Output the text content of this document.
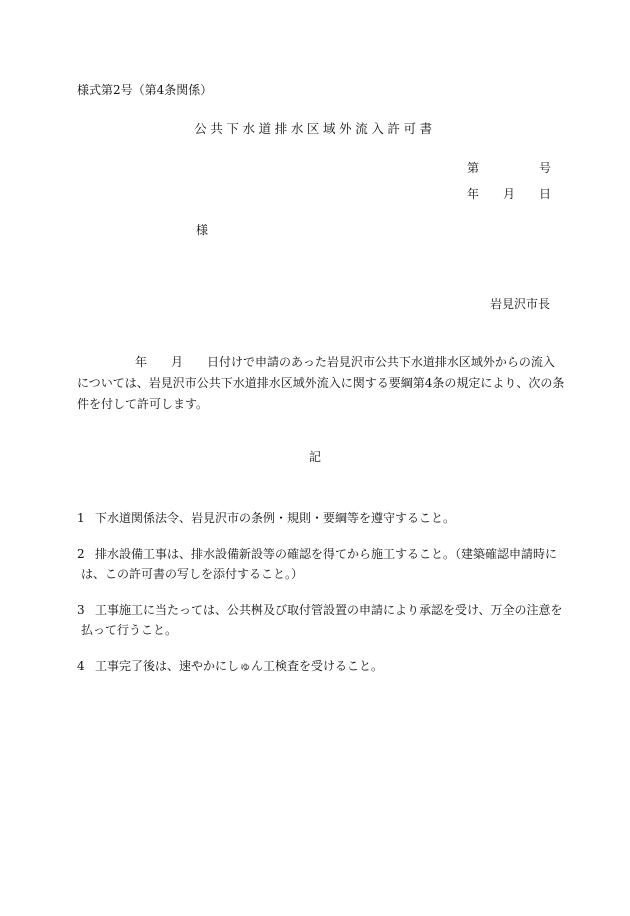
様式第2号（第4条関係）
公共下水道排水区域外流入許可書
第	号
年 月 日
様
岩見沢市長
年 月 日付けで申請のあった岩見沢市公共下水道排水区域外からの流入
については、岩見沢市公共下水道排水区域外流入に関する要綱第4条の規定により、次の条
件を付して許可します。
記
1 下水道関係法令、岩見沢市の条例・規則・要綱等を遵守すること。
2 排水設備工事は、排水設備新設等の確認を得てから施工すること。（建築確認申請時に
は、この許可書の写しを添付すること。）
3 工事施工に当たっては、公共桝及び取付管設置の申請により承認を受け、万全の注意を
払って行うこと。
4 工事完了後は、速やかにしゅん工検査を受けること。
